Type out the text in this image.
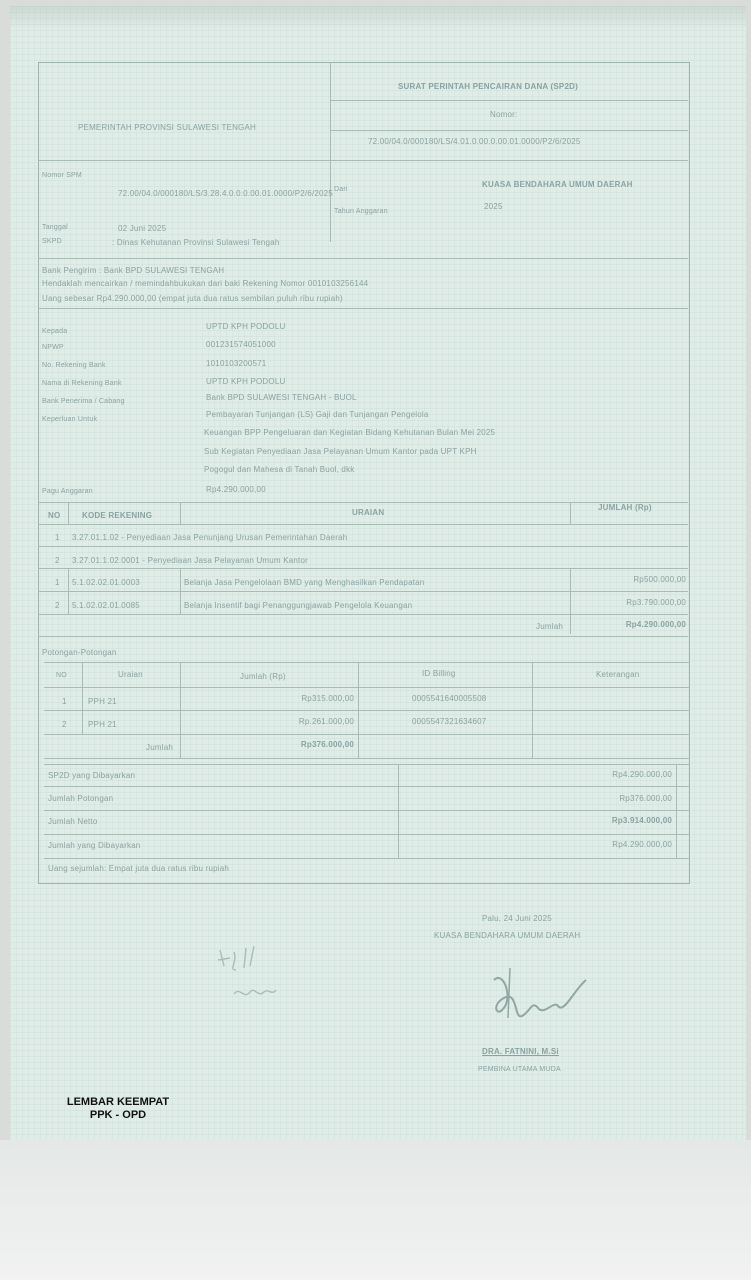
PEMERINTAH PROVINSI SULAWESI TENGAH
SURAT PERINTAH PENCAIRAN DANA (SP2D)
Nomor:
72.00/04.0/000180/LS/4.01.0.00.0.00.01.0000/P2/6/2025
Nomor SPM
72.00/04.0/000180/LS/3.28.4.0.0.0.00.01.0000/P2/6/2025
Tanggal	02 Juni 2025
SKPD	: Dinas Kehutanan Provinsi Sulawesi Tengah
Dari
KUASA BENDAHARA UMUM DAERAH
Tahun Anggaran
2025
Bank Pengirim : Bank BPD SULAWESI TENGAH
Hendaklah mencairkan / memindahbukukan dari baki Rekening Nomor 0010103256144
Uang sebesar Rp4.290.000,00 (empat juta dua ratus sembilan puluh ribu rupiah)
Kepada
UPTD KPH PODOLU
NPWP	001231574051000
No. Rekening Bank	1010103200571
Nama di Rekening Bank	UPTD KPH PODOLU
Bank Penerima / Cabang	Bank BPD SULAWESI TENGAH - BUOL
Keperluan Untuk
Pembayaran Tunjangan (LS) Gaji dan Tunjangan Pengelola
Keuangan BPP Pengeluaran dan Kegiatan Bidang Kehutanan Bulan Mei 2025
Sub Kegiatan Penyediaan Jasa Pelayanan Umum Kantor pada UPT KPH
Pogogul dan Mahesa di Tanah Buol, dkk
Pagu Anggaran	Rp4.290.000,00
NO	KODE REKENING	URAIAN
JUMLAH (Rp)
1 3.27.01.1.02 - Penyediaan Jasa Penunjang Urusan Pemerintahan Daerah
2 3.27.01.1.02.0001 - Penyediaan Jasa Pelayanan Umum Kantor
1 5.1.02.02.01.0003	Belanja Jasa Pengelolaan BMD yang Menghasilkan Pendapatan	Rp500.000,00
2 5.1.02.02.01.0085	Belanja Insentif bagi Penanggungjawab Pengelola Keuangan	Rp3.790.000,00
Jumlah	Rp4.290.000,00
Potongan-Potongan
NO	Uraian	Jumlah (Rp)	ID Billing	Keterangan
1	PPH 21	Rp315.000,00	0005541640005508
2	PPH 21	Rp.261.000,00	0005547321634607
Jumlah	Rp376.000,00
SP2D yang Dibayarkan	Rp4.290.000,00
Jumlah Potongan	Rp376.000,00
Jumlah Netto	Rp3.914.000,00
Jumlah yang Dibayarkan	Rp4.290.000,00
Uang sejumlah: Empat juta dua ratus ribu rupiah
Palu, 24 Juni 2025
KUASA BENDAHARA UMUM DAERAH
DRA. FATNINI, M.Si
PEMBINA UTAMA MUDA
LEMBAR KEEMPAT
PPK - OPD
